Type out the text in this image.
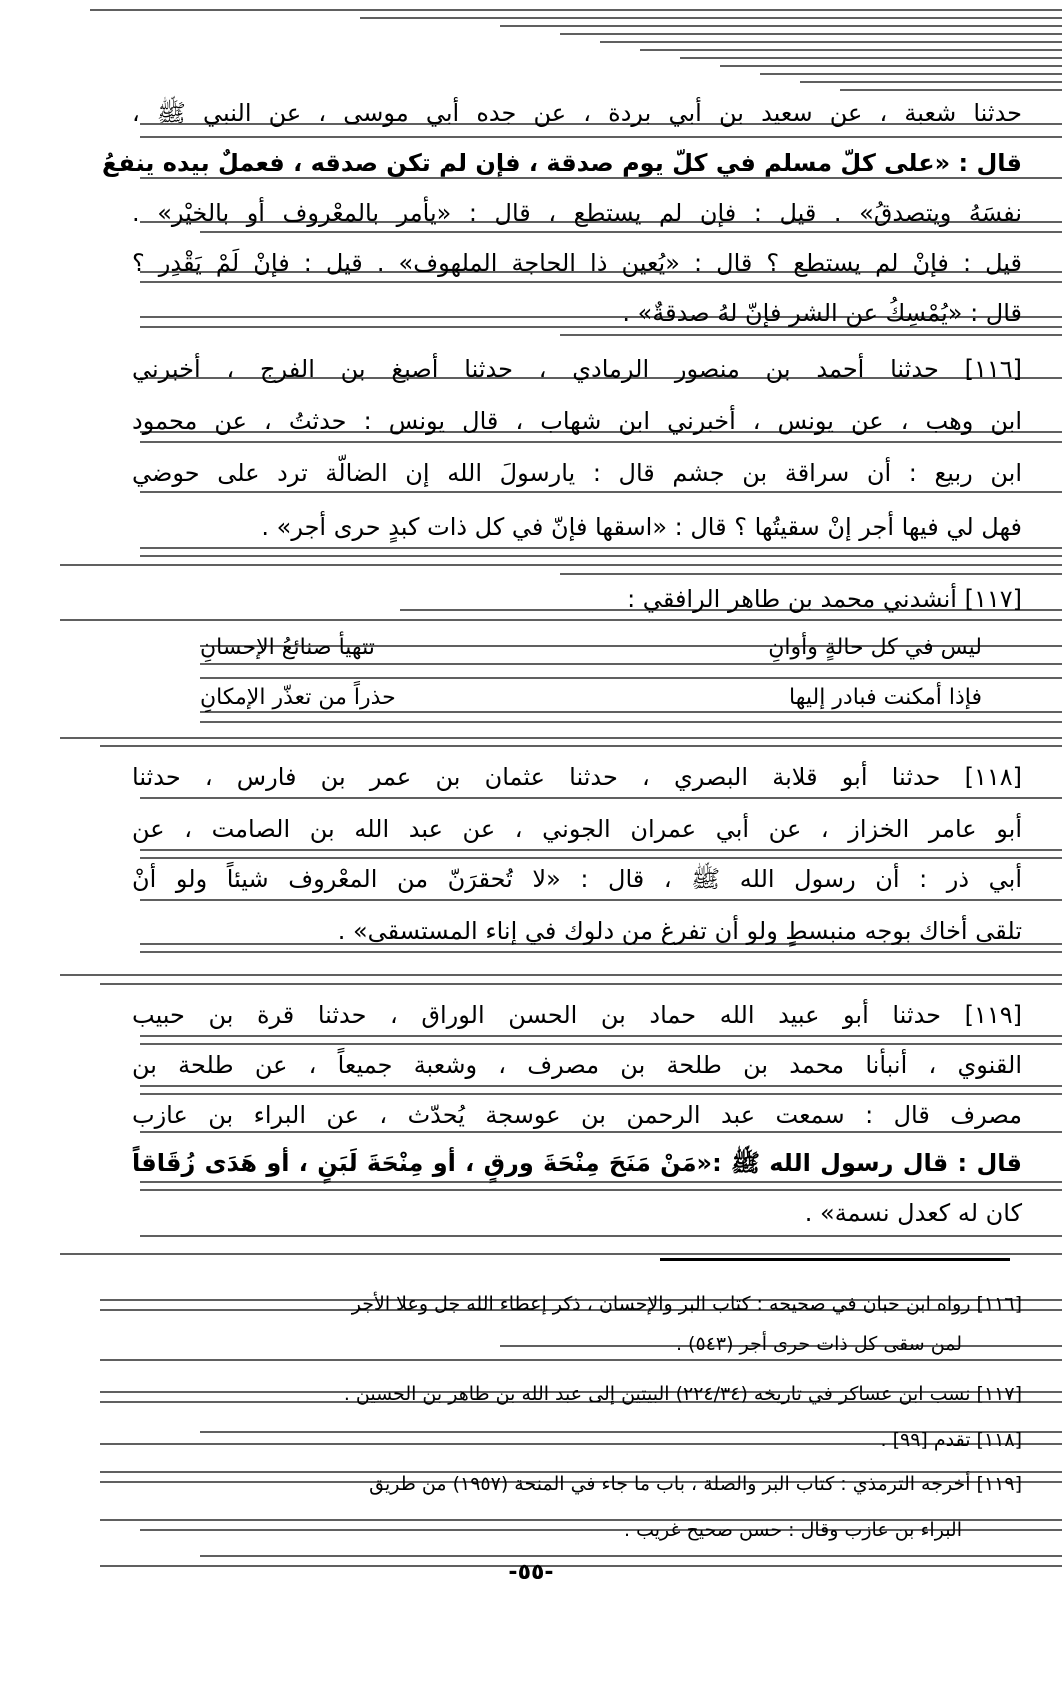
حدثنا شعبة ، عن سعيد بن أبي بردة ، عن جده أبي موسى ، عن النبي ﷺ ،
قال : «على كلّ مسلم في كلّ يوم صدقة ، فإن لم تكن صدقه ، فعملٌ بيده ينفعُ
نفسَهُ ويتصدقُ» . قيل : فإن لم يستطع ، قال : «يأمر بالمعْروف أو بالخيْر» .
قيل : فإنْ لم يستطع ؟ قال : «يُعين ذا الحاجة الملهوف» . قيل : فإنْ لَمْ يَقْدِر ؟
قال : «يُمْسِكُ عن الشر فإنّ لهُ صدقةٌ» .
[١١٦] حدثنا أحمد بن منصور الرمادي ، حدثنا أصبغ بن الفرج ، أخبرني
ابن وهب ، عن يونس ، أخبرني ابن شهاب ، قال يونس : حدثتُ ، عن محمود
ابن ربيع : أن سراقة بن جشم قال : يارسولَ الله إن الضالّة ترد على حوضي
فهل لي فيها أجر إنْ سقيتُها ؟ قال : «اسقها فإنّ في كل ذات كبدٍ حرى أجر» .
[١١٧] أنشدني محمد بن طاهر الرافقي :
ليس في كل حالةٍ وأوانِ
تتهيأ صنائعُ الإحسانِ
فإذا أمكنت فبادر إليها
حذراً من تعذّر الإمكانِ
[١١٨] حدثنا أبو قلابة البصري ، حدثنا عثمان بن عمر بن فارس ، حدثنا
أبو عامر الخزاز ، عن أبي عمران الجوني ، عن عبد الله بن الصامت ، عن
أبي ذر : أن رسول الله ﷺ ، قال : «لا تُحقرَنّ من المعْروف شيئاً ولو أنْ
تلقى أخاك بوجه منبسطٍ ولو أن تفرغ من دلوك في إناء المستسقى» .
[١١٩] حدثنا أبو عبيد الله حماد بن الحسن الوراق ، حدثنا قرة بن حبيب
القنوي ، أنبأنا محمد بن طلحة بن مصرف ، وشعبة جميعاً ، عن طلحة بن
مصرف قال : سمعت عبد الرحمن بن عوسجة يُحدّث ، عن البراء بن عازب
قال : قال رسول الله ﷺ :«مَنْ مَنَحَ مِنْحَةَ ورقٍ ، أو مِنْحَةَ لَبَنٍ ، أو هَدَى زُقَاقاً
كان له كعدل نسمة» .
[١١٦] رواه ابن حبان في صحيحه : كتاب البر والإحسان ، ذكر إعطاء الله جل وعلا الأجر
لمن سقى كل ذات حرى أجر (٥٤٣) .
[١١٧] نسب ابن عساكر في تاريخه (٢٢٤/٣٤) البيتين إلى عبد الله بن طاهر بن الحسين .
[١١٨] تقدم [٩٩] .
[١١٩] أخرجه الترمذي : كتاب البر والصلة ، باب ما جاء في المنحة (١٩٥٧) من طريق
البراء بن عازب وقال : حسن صحيح غريب .
-٥٥-
